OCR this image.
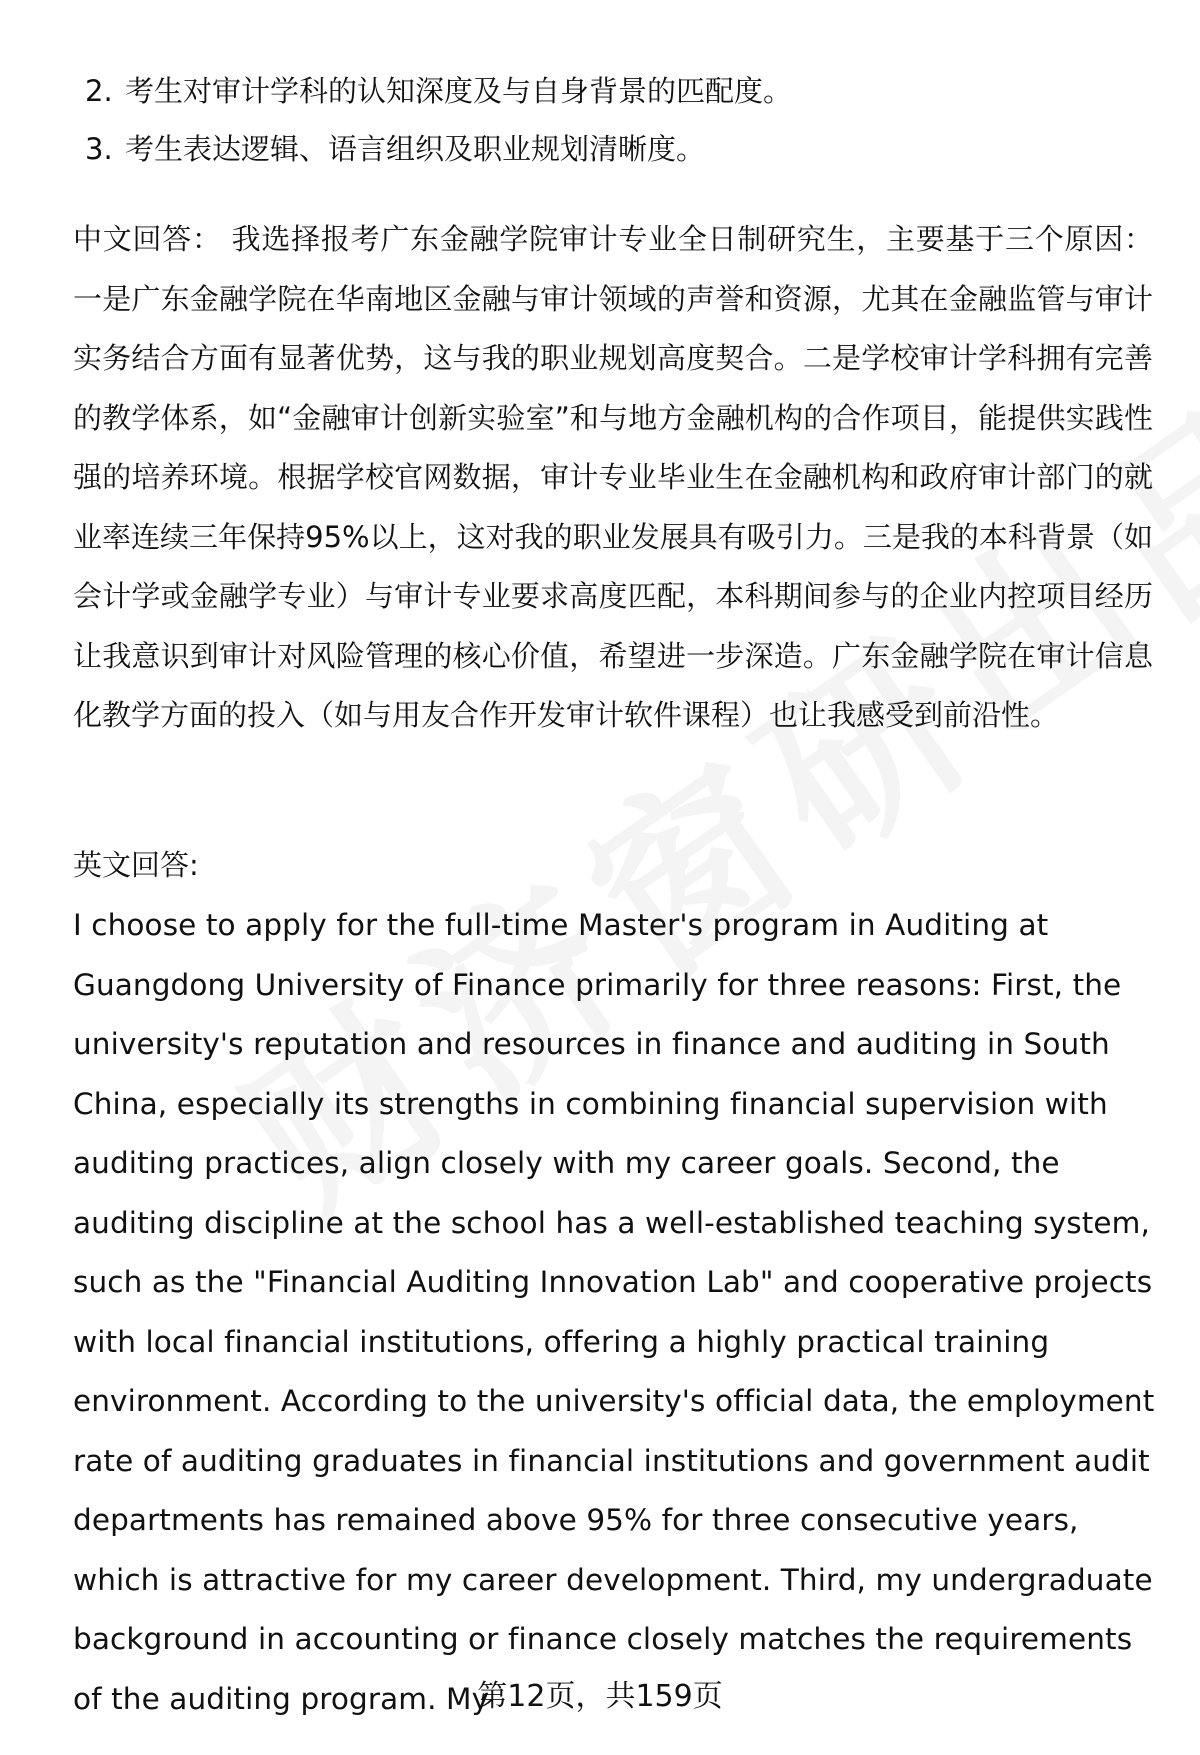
2. 考生对审计学科的认知深度及与自身背景的匹配度。
3. 考生表达逻辑、语言组织及职业规划清晰度。

中文回答： 我选择报考广东金融学院审计专业全日制研究生，主要基于三个原因：一是广东金融学院在华南地区金融与审计领域的声誉和资源，尤其在金融监管与审计实务结合方面有显著优势，这与我的职业规划高度契合。二是学校审计学科拥有完善的教学体系，如“金融审计创新实验室”和与地方金融机构的合作项目，能提供实践性强的培养环境。根据学校官网数据，审计专业毕业生在金融机构和政府审计部门的就业率连续三年保持95%以上，这对我的职业发展具有吸引力。三是我的本科背景（如会计学或金融学专业）与审计专业要求高度匹配，本科期间参与的企业内控项目经历让我意识到审计对风险管理的核心价值，希望进一步深造。广东金融学院在审计信息化教学方面的投入（如与用友合作开发审计软件课程）也让我感受到前沿性。

英文回答:

I choose to apply for the full-time Master's program in Auditing at Guangdong University of Finance primarily for three reasons: First, the university's reputation and resources in finance and auditing in South China, especially its strengths in combining financial supervision with auditing practices, align closely with my career goals. Second, the auditing discipline at the school has a well-established teaching system, such as the "Financial Auditing Innovation Lab" and cooperative projects with local financial institutions, offering a highly practical training environment. According to the university's official data, the employment rate of auditing graduates in financial institutions and government audit departments has remained above 95% for three consecutive years, which is attractive for my career development. Third, my undergraduate background in accounting or finance closely matches the requirements of the auditing program. My

第12页，共159页
